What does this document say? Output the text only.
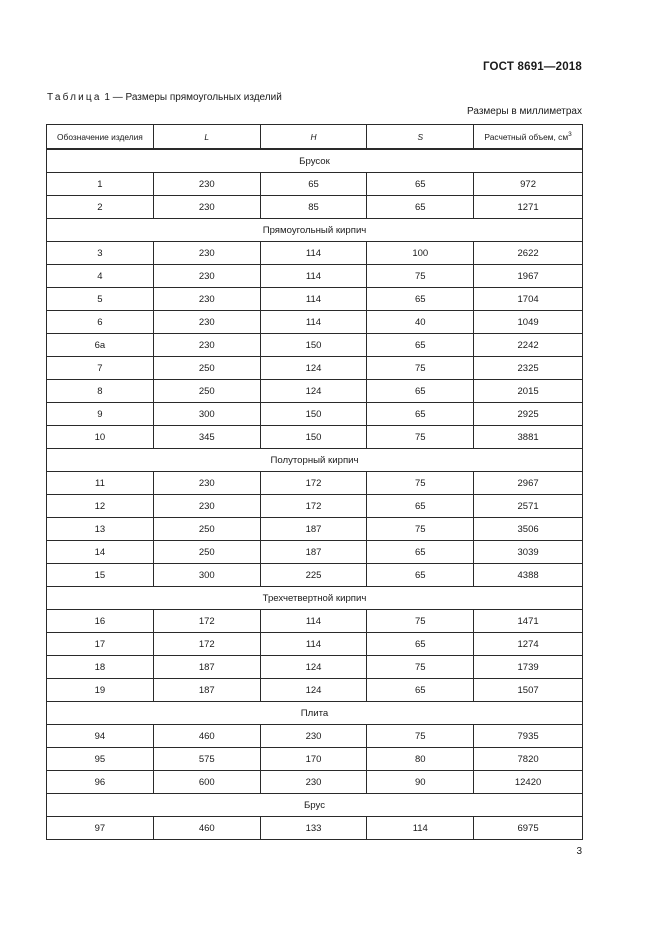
ГОСТ 8691—2018
Таблица 1 — Размеры прямоугольных изделий
Размеры в миллиметрах
Обозначение изделия	L	H	S	Расчетный объем, $см^3$

Брусок				
1	230	65	65	972
2	230	85	65	1271
Прямоугольный кирпич				
3	230	114	100	2622
4	230	114	75	1967
5	230	114	65	1704
6	230	114	40	1049
6а	230	150	65	2242
7	250	124	75	2325
8	250	124	65	2015
9	300	150	65	2925
10	345	150	75	3881
Полуторный кирпич				
11	230	172	75	2967
12	230	172	65	2571
13	250	187	75	3506
14	250	187	65	3039
15	300	225	65	4388
Трехчетвертной кирпич				
16	172	114	75	1471
17	172	114	65	1274
18	187	124	75	1739
19	187	124	65	1507
Плита				
94	460	230	75	7935
95	575	170	80	7820
96	600	230	90	12420
Брус				
97	460	133	114	6975
3
